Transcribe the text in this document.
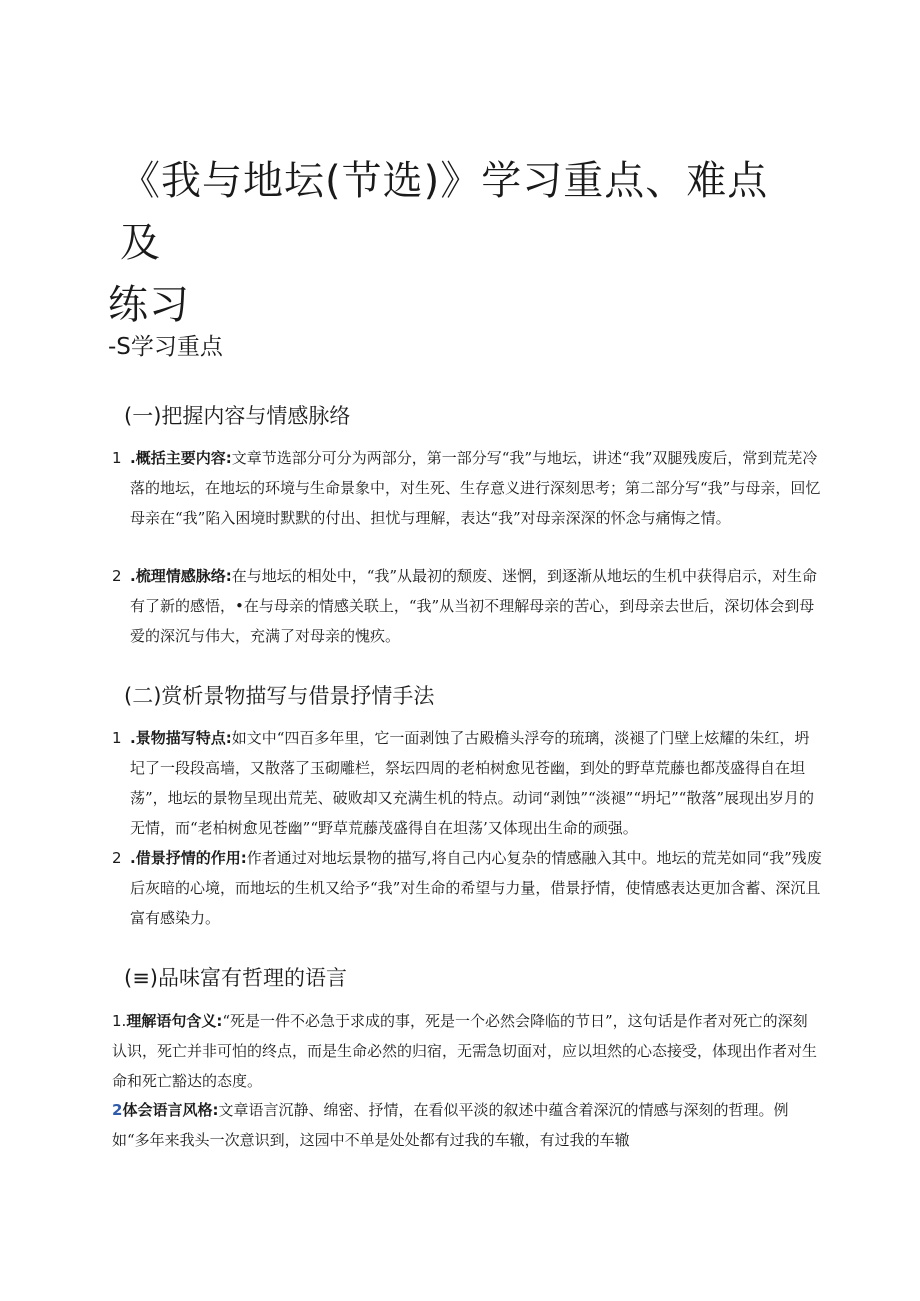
《我与地坛(节选)》学习重点、难点及
练习
-S学习重点
(一)把握内容与情感脉络
1 .概括主要内容:文章节选部分可分为两部分，第一部分写“我”与地坛，讲述“我”双腿残废后，常到荒芜冷落的地坛，在地坛的环境与生命景象中，对生死、生存意义进行深刻思考；第二部分写“我”与母亲，回忆母亲在“我”陷入困境时默默的付出、担忧与理解，表达“我”对母亲深深的怀念与痛悔之情。
2 .梳理情感脉络:在与地坛的相处中，“我”从最初的颓废、迷惘，到逐渐从地坛的生机中获得启示，对生命有了新的感悟，•在与母亲的情感关联上，“我”从当初不理解母亲的苦心，到母亲去世后，深切体会到母爱的深沉与伟大，充满了对母亲的愧疚。
(二)赏析景物描写与借景抒情手法
1 .景物描写特点:如文中“四百多年里，它一面剥蚀了古殿檐头浮夸的琉璃，淡褪了门壁上炫耀的朱红，坍圮了一段段高墙，又散落了玉砌雕栏，祭坛四周的老柏树愈见苍幽，到处的野草荒藤也都茂盛得自在坦荡”，地坛的景物呈现出荒芜、破败却又充满生机的特点。动词“剥蚀”“淡褪”“坍圮”“散落”展现出岁月的无情，而“老柏树愈见苍幽”“野草荒藤茂盛得自在坦荡’又体现出生命的顽强。
2 .借景抒情的作用:作者通过对地坛景物的描写,将自己内心复杂的情感融入其中。地坛的荒芜如同“我”残废后灰暗的心境，而地坛的生机又给予“我”对生命的希望与力量，借景抒情，使情感表达更加含蓄、深沉且富有感染力。
(≡)品味富有哲理的语言
1.理解语句含义:“死是一件不必急于求成的事，死是一个必然会降临的节日”，这句话是作者对死亡的深刻认识，死亡并非可怕的终点，而是生命必然的归宿，无需急切面对，应以坦然的心态接受，体现出作者对生命和死亡豁达的态度。
2体会语言风格:文章语言沉静、绵密、抒情，在看似平淡的叙述中蕴含着深沉的情感与深刻的哲理。例如“多年来我头一次意识到，这园中不单是处处都有过我的车辙，有过我的车辙
